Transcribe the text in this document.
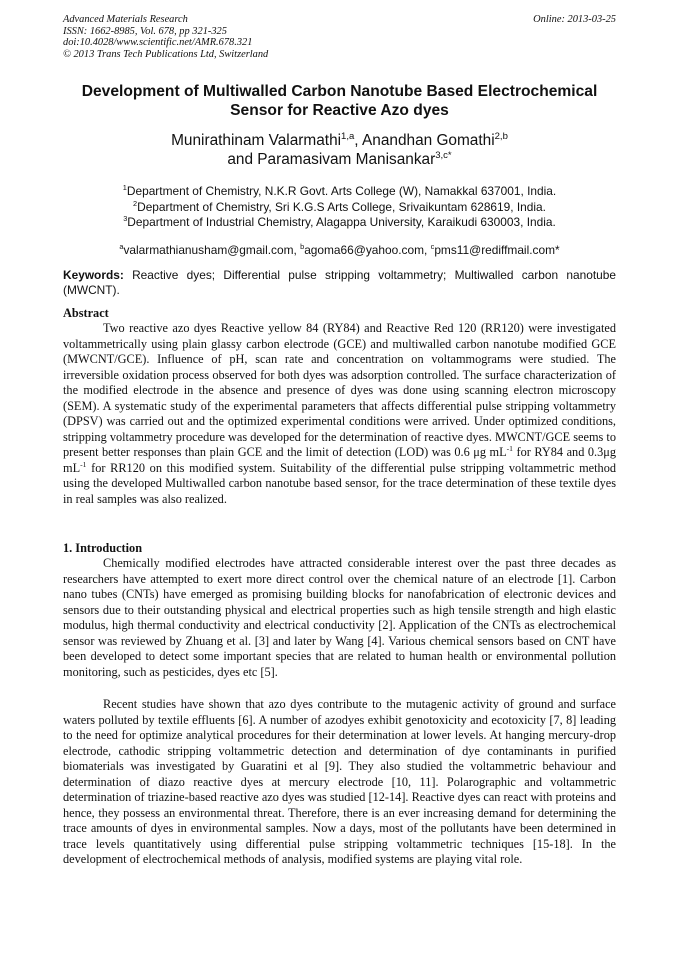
Advanced Materials Research
ISSN: 1662-8985, Vol. 678, pp 321-325
doi:10.4028/www.scientific.net/AMR.678.321
© 2013 Trans Tech Publications Ltd, Switzerland
Online: 2013-03-25
Development of Multiwalled Carbon Nanotube Based Electrochemical
Sensor for Reactive Azo dyes
Munirathinam Valarmathi$^{1,a}$, Anandhan Gomathi$^{2,b}$
and Paramasivam Manisankar$^{3,c*}$
$^1$Department of Chemistry, N.K.R Govt. Arts College (W), Namakkal 637001, India.
$^2$Department of Chemistry, Sri K.G.S Arts College, Srivaikuntam 628619, India.
$^3$Department of Industrial Chemistry, Alagappa University, Karaikudi 630003, India.
$^a$valarmathianusham@gmail.com, $^b$agoma66@yahoo.com, $^c$pms11@rediffmail.com*
Keywords: Reactive dyes; Differential pulse stripping voltammetry; Multiwalled carbon nanotube (MWCNT).
Abstract

Two reactive azo dyes Reactive yellow 84 (RY84) and Reactive Red 120 (RR120) were investigated voltammetrically using plain glassy carbon electrode (GCE) and multiwalled carbon nanotube modified GCE (MWCNT/GCE). Influence of pH, scan rate and concentration on voltammograms were studied. The irreversible oxidation process observed for both dyes was adsorption controlled. The surface characterization of the modified electrode in the absence and presence of dyes was done using scanning electron microscopy (SEM). A systematic study of the experimental parameters that affects differential pulse stripping voltammetry (DPSV) was carried out and the optimized experimental conditions were arrived. Under optimized conditions, stripping voltammetry procedure was developed for the determination of reactive dyes. MWCNT/GCE seems to present better responses than plain GCE and the limit of detection (LOD) was 0.6 μg $mL^{-1}$ for RY84 and 0.3μg $mL^{-1}$ for RR120 on this modified system. Suitability of the differential pulse stripping voltammetric method using the developed Multiwalled carbon nanotube based sensor, for the trace determination of these textile dyes in real samples was also realized.

1. Introduction

Chemically modified electrodes have attracted considerable interest over the past three decades as researchers have attempted to exert more direct control over the chemical nature of an electrode [1]. Carbon nano tubes (CNTs) have emerged as promising building blocks for nanofabrication of electronic devices and sensors due to their outstanding physical and electrical properties such as high tensile strength and high elastic modulus, high thermal conductivity and electrical conductivity [2]. Application of the CNTs as electrochemical sensor was reviewed by Zhuang et al. [3] and later by Wang [4]. Various chemical sensors based on CNT have been developed to detect some important species that are related to human health or environmental pollution monitoring, such as pesticides, dyes etc [5].

Recent studies have shown that azo dyes contribute to the mutagenic activity of ground and surface waters polluted by textile effluents [6]. A number of azodyes exhibit genotoxicity and ecotoxicity [7, 8] leading to the need for optimize analytical procedures for their determination at lower levels. At hanging mercury-drop electrode, cathodic stripping voltammetric detection and determination of dye contaminants in purified biomaterials was investigated by Guaratini et al [9]. They also studied the voltammetric behaviour and determination of diazo reactive dyes at mercury electrode [10, 11]. Polarographic and voltammetric determination of triazine-based reactive azo dyes was studied [12-14]. Reactive dyes can react with proteins and hence, they possess an environmental threat. Therefore, there is an ever increasing demand for determining the trace amounts of dyes in environmental samples. Now a days, most of the pollutants have been determined in trace levels quantitatively using differential pulse stripping voltammetric techniques [15-18]. In the development of electrochemical methods of analysis, modified systems are playing vital role.
